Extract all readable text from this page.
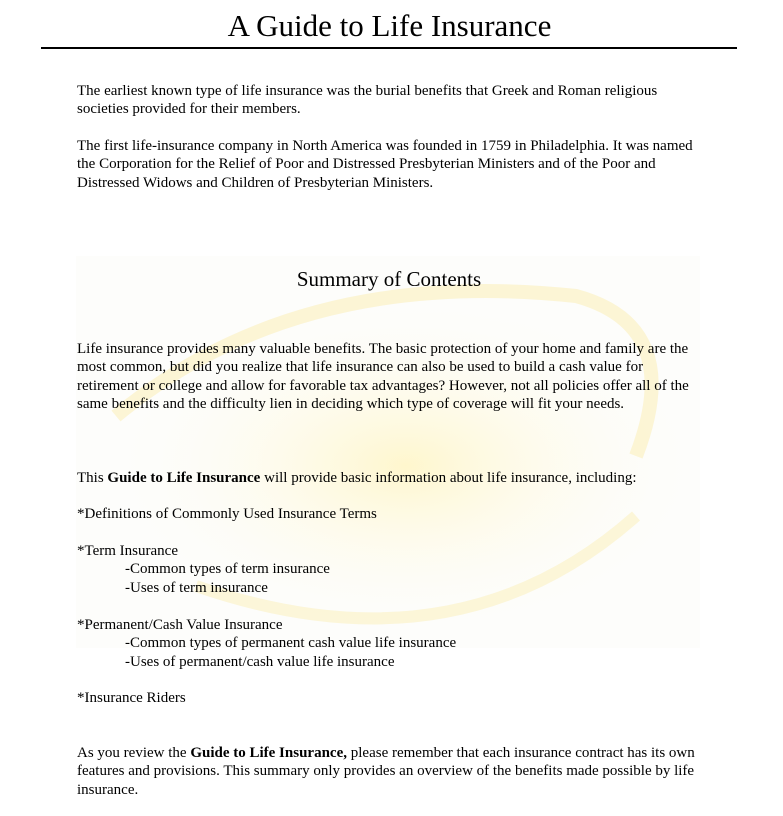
A Guide to Life Insurance

The earliest known type of life insurance was the burial benefits that Greek and Roman religious societies provided for their members.

The first life-insurance company in North America was founded in 1759 in Philadelphia. It was named the Corporation for the Relief of Poor and Distressed Presbyterian Ministers and of the Poor and Distressed Widows and Children of Presbyterian Ministers.

Summary of Contents

Life insurance provides many valuable benefits. The basic protection of your home and family are the most common, but did you realize that life insurance can also be used to build a cash value for retirement or college and allow for favorable tax advantages? However, not all policies offer all of the same benefits and the difficulty lien in deciding which type of coverage will fit your needs.

This Guide to Life Insurance will provide basic information about life insurance, including:
*Definitions of Commonly Used Insurance Terms
*Term Insurance
-Common types of term insurance
-Uses of term insurance
*Permanent/Cash Value Insurance
-Common types of permanent cash value life insurance
-Uses of permanent/cash value life insurance
*Insurance Riders

As you review the Guide to Life Insurance, please remember that each insurance contract has its own features and provisions. This summary only provides an overview of the benefits made possible by life insurance.
